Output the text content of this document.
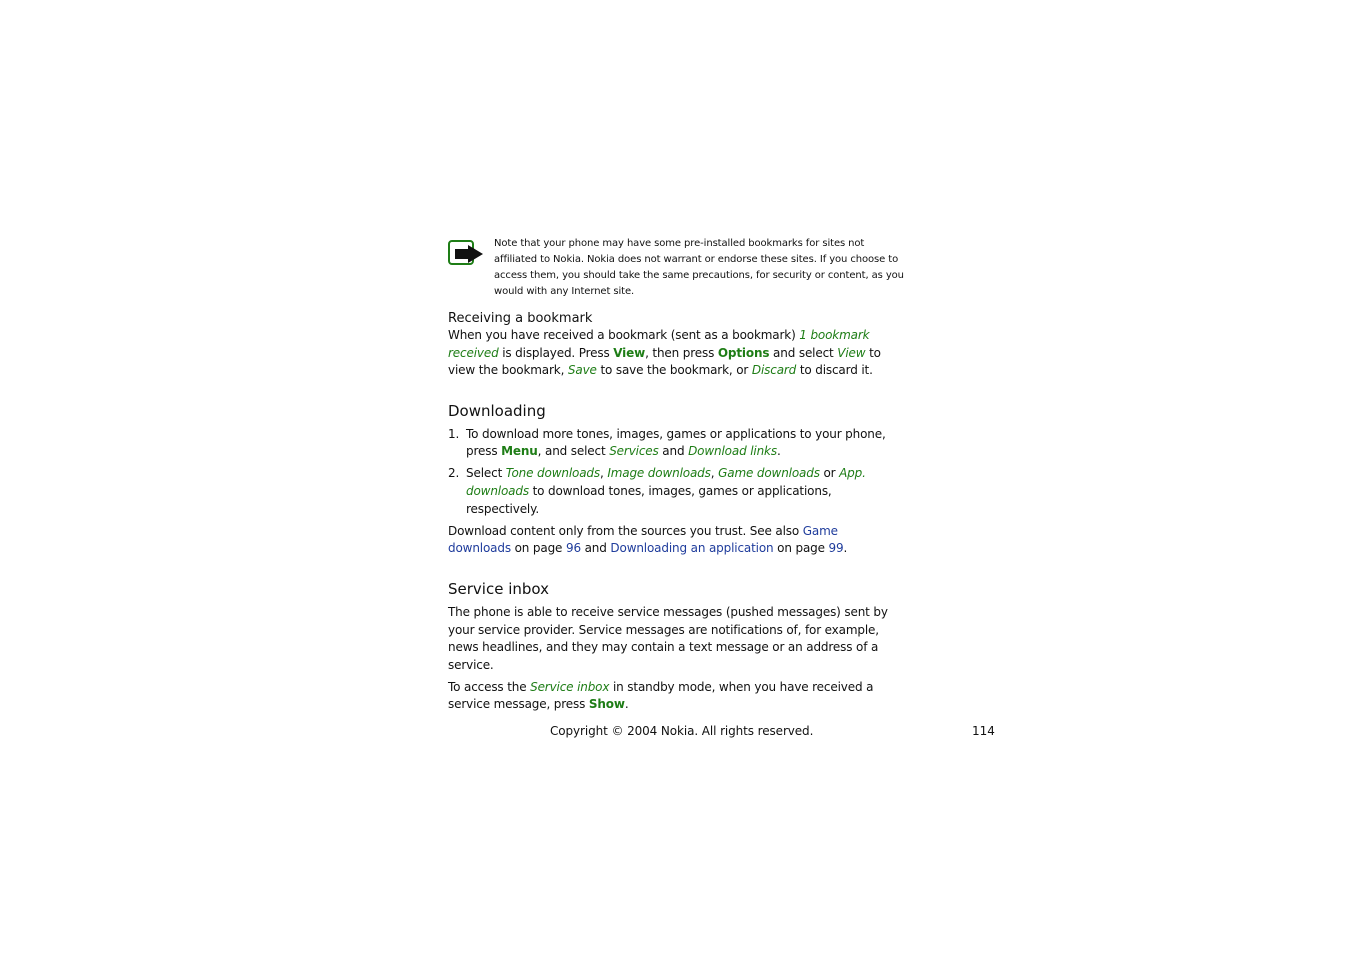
Note that your phone may have some pre-installed bookmarks for sites not affiliated to Nokia. Nokia does not warrant or endorse these sites. If you choose to access them, you should take the same precautions, for security or content, as you would with any Internet site.
Receiving a bookmark

When you have received a bookmark (sent as a bookmark) 1 bookmark received is displayed. Press View, then press Options and select View to view the bookmark, Save to save the bookmark, or Discard to discard it.

Downloading
1. To download more tones, images, games or applications to your phone, press Menu, and select Services and Download links.
2. Select Tone downloads, Image downloads, Game downloads or App. downloads to download tones, images, games or applications, respectively.

Download content only from the sources you trust. See also Game downloads on page 96 and Downloading an application on page 99.

Service inbox

The phone is able to receive service messages (pushed messages) sent by your service provider. Service messages are notifications of, for example, news headlines, and they may contain a text message or an address of a service.

To access the Service inbox in standby mode, when you have received a service message, press Show.

Copyright © 2004 Nokia. All rights reserved.	114
